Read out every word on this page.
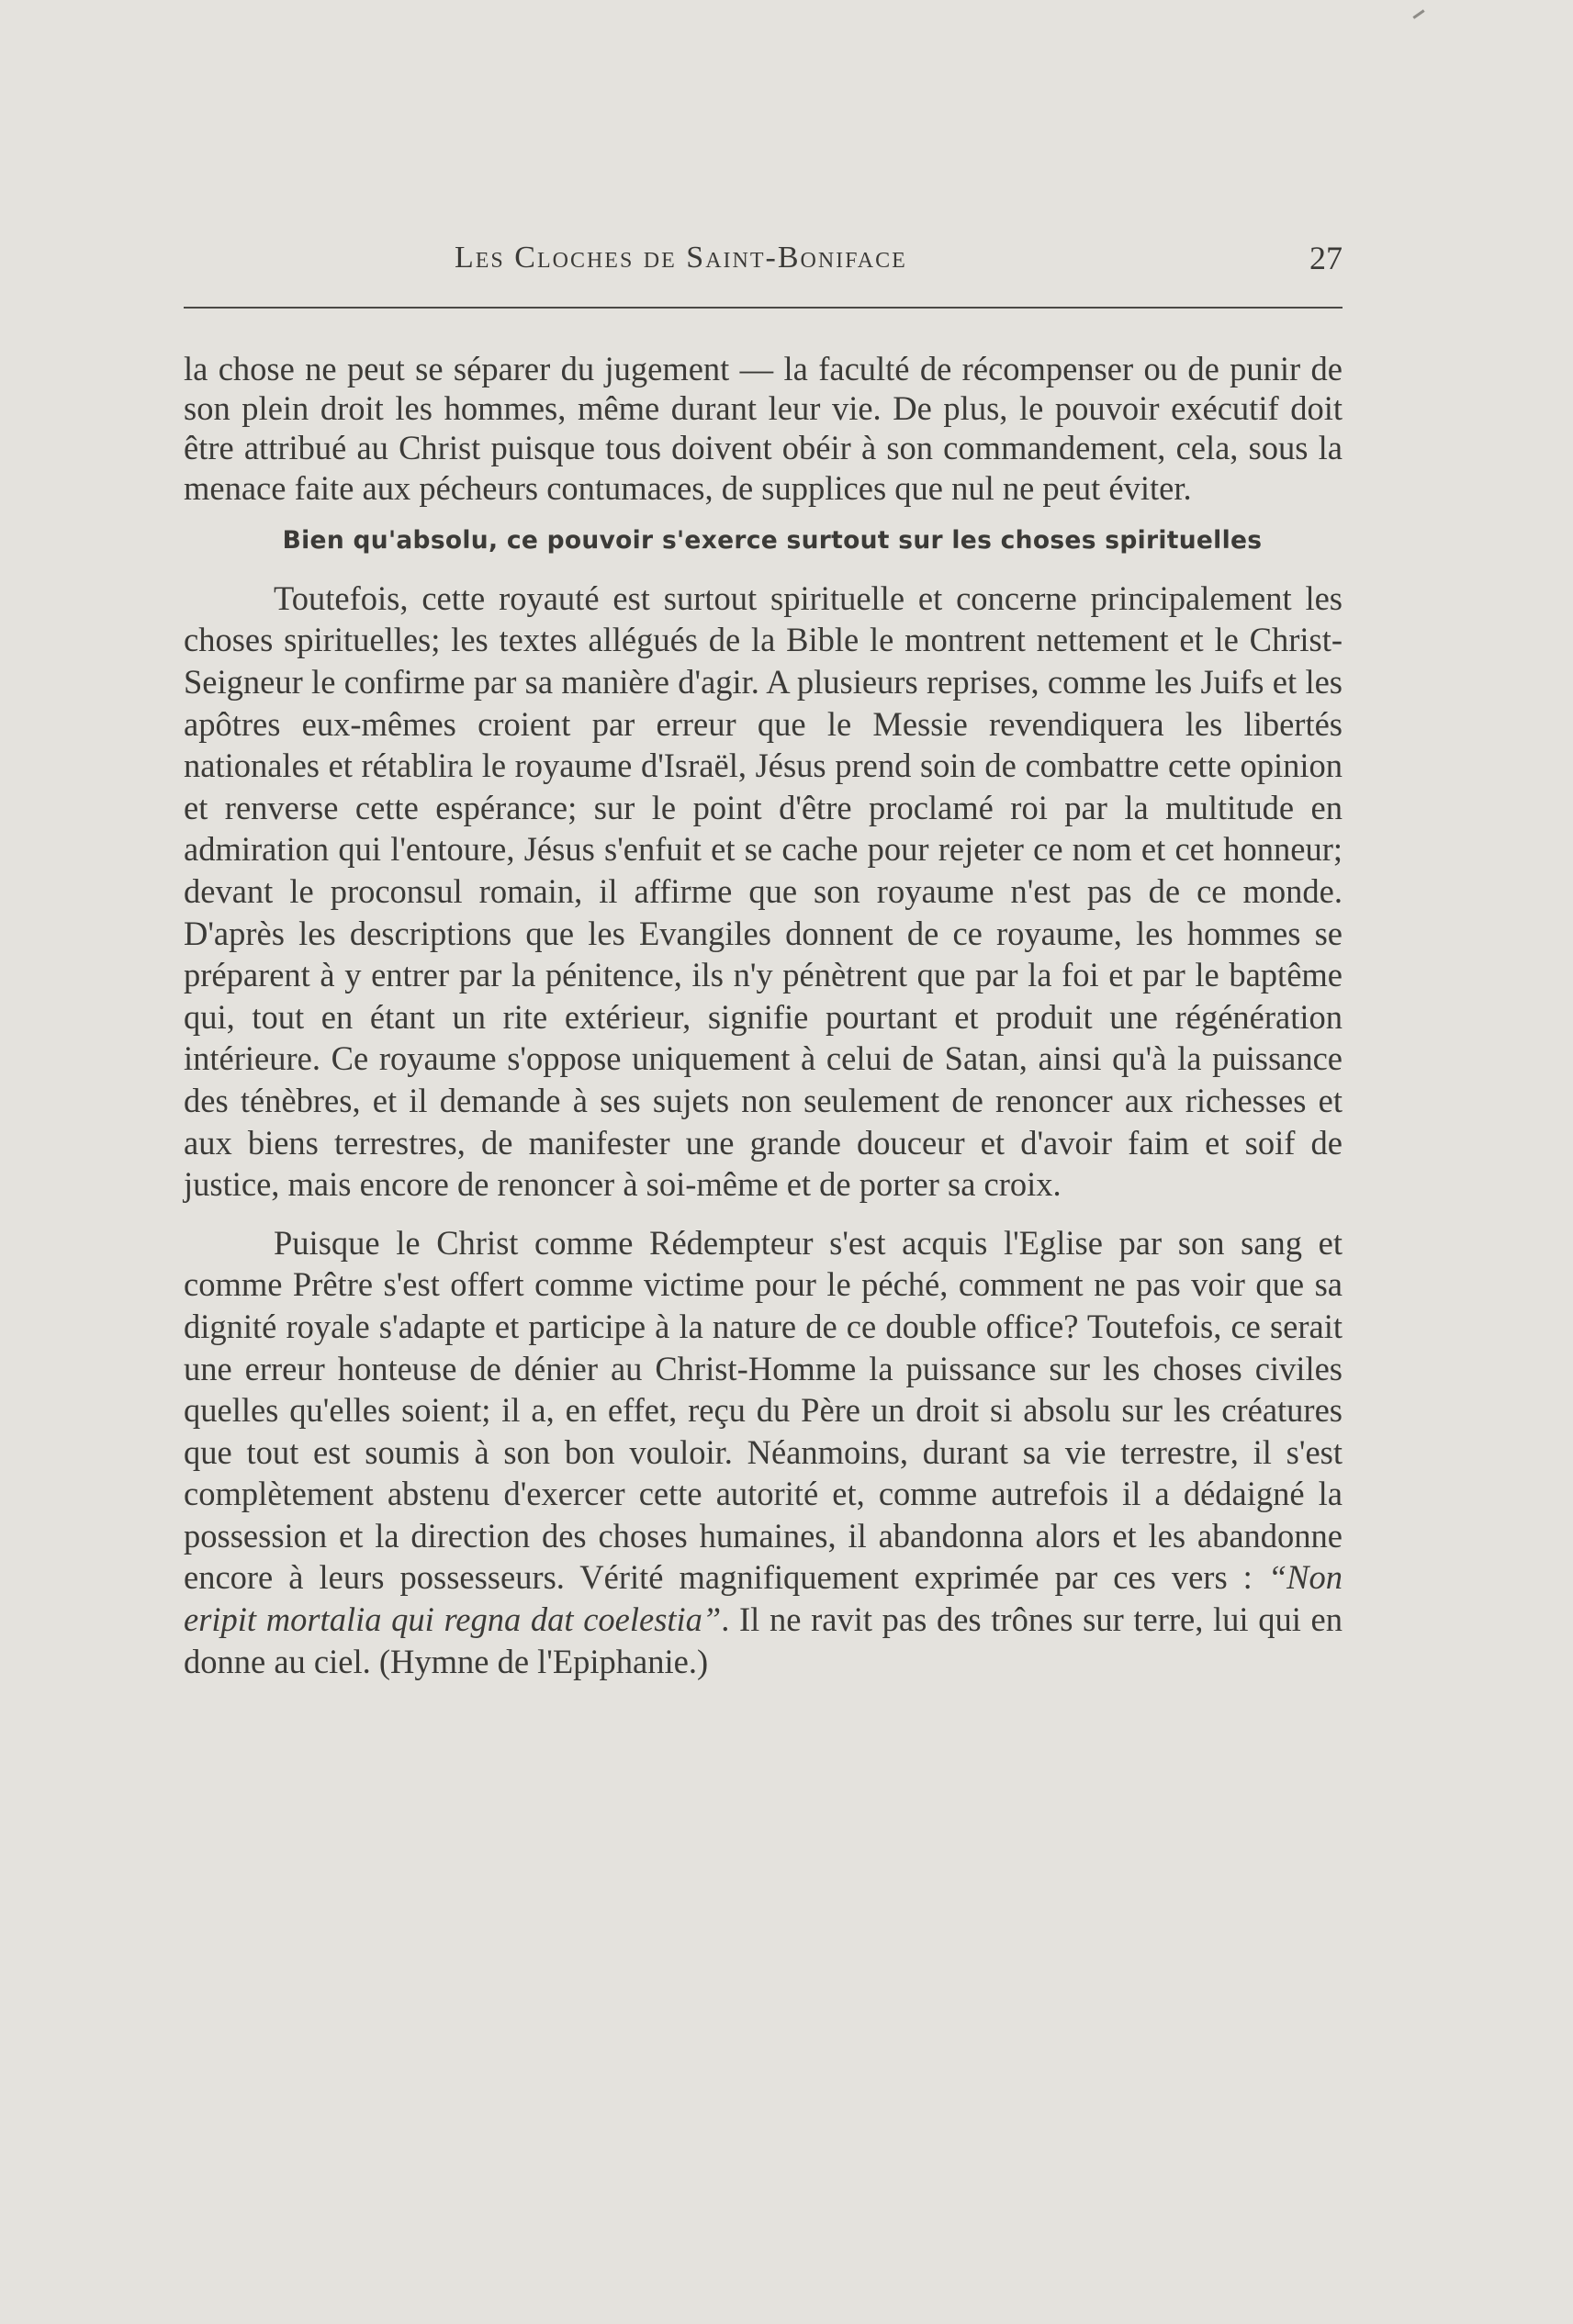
Les Cloches de Saint-Boniface	27

la chose ne peut se séparer du jugement — la faculté de récompenser ou de punir de son plein droit les hommes, même durant leur vie. De plus, le pouvoir exécutif doit être attribué au Christ puisque tous doivent obéir à son commandement, cela, sous la menace faite aux pécheurs contumaces, de supplices que nul ne peut éviter.

Bien qu'absolu, ce pouvoir s'exerce surtout sur les choses spirituelles

Toutefois, cette royauté est surtout spirituelle et concerne principalement les choses spirituelles; les textes allégués de la Bible le montrent nettement et le Christ-Seigneur le confirme par sa manière d'agir. A plusieurs reprises, comme les Juifs et les apôtres eux-mêmes croient par erreur que le Messie revendiquera les libertés nationales et rétablira le royaume d'Israël, Jésus prend soin de combattre cette opinion et renverse cette espérance; sur le point d'être proclamé roi par la multitude en admiration qui l'entoure, Jésus s'enfuit et se cache pour rejeter ce nom et cet honneur; devant le proconsul romain, il affirme que son royaume n'est pas de ce monde. D'après les descriptions que les Evangiles donnent de ce royaume, les hommes se préparent à y entrer par la pénitence, ils n'y pénètrent que par la foi et par le baptême qui, tout en étant un rite extérieur, signifie pourtant et produit une régénération intérieure. Ce royaume s'oppose uniquement à celui de Satan, ainsi qu'à la puissance des ténèbres, et il demande à ses sujets non seulement de renoncer aux richesses et aux biens terrestres, de manifester une grande douceur et d'avoir faim et soif de justice, mais encore de renoncer à soi-même et de porter sa croix.

Puisque le Christ comme Rédempteur s'est acquis l'Eglise par son sang et comme Prêtre s'est offert comme victime pour le péché, comment ne pas voir que sa dignité royale s'adapte et participe à la nature de ce double office? Toutefois, ce serait une erreur honteuse de dénier au Christ-Homme la puissance sur les choses civiles quelles qu'elles soient; il a, en effet, reçu du Père un droit si absolu sur les créatures que tout est soumis à son bon vouloir. Néanmoins, durant sa vie terrestre, il s'est complètement abstenu d'exercer cette autorité et, comme autrefois il a dédaigné la possession et la direction des choses humaines, il abandonna alors et les abandonne encore à leurs possesseurs. Vérité magnifiquement exprimée par ces vers : “Non eripit mortalia qui regna dat coelestia”. Il ne ravit pas des trônes sur terre, lui qui en donne au ciel. (Hymne de l'Epiphanie.)
